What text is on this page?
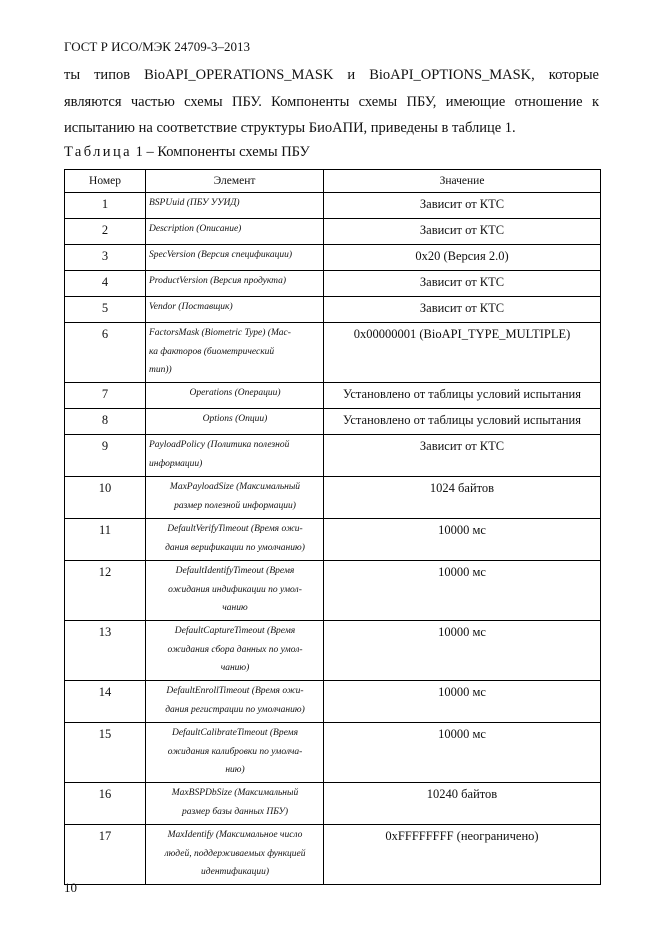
ГОСТ Р ИСО/МЭК 24709-3–2013
ты типов BioAPI_OPERATIONS_MASK и BioAPI_OPTIONS_MASK, которые
являются частью схемы ПБУ. Компоненты схемы ПБУ, имеющие отношение к
испытанию на соответствие структуры БиоАПИ, приведены в таблице 1.
Таблица 1 – Компоненты схемы ПБУ
Номер	Элемент	Значение
1	BSPUuid (ПБУ УУИД)	Зависит от КТС
2	Description (Описание)	Зависит от КТС
3	SpecVersion (Версия спецификации)	0x20 (Версия 2.0)
4	ProductVersion (Версия продукта)	Зависит от КТС
5	Vendor (Поставщик)	Зависит от КТС
6	FactorsMask (Biometric Type) (Мас-
ка факторов (биометрический
тип))	0x00000001 (BioAPI_TYPE_MULTIPLE)
7	Operations (Операции)	Установлено от таблицы условий испытания
8	Options (Опции)	Установлено от таблицы условий испытания
9	PayloadPolicy (Политика полезной
информации)	Зависит от КТС
10	MaxPayloadSize (Максимальный
размер полезной информации)	1024 байтов
11	DefaultVerifyTimeout (Время ожи-
дания верификации по умолчанию)	10000 мс
12	DefaultIdentifyTimeout (Время
ожидания индификации по умол-
чанию	10000 мс
13	DefaultCaptureTimeout (Время
ожидания сбора данных по умол-
чанию)	10000 мс
14	DefaultEnrollTimeout (Время ожи-
дания регистрации по умолчанию)	10000 мс
15	DefaultCalibrateTimeout (Время
ожидания калибровки по умолча-
нию)	10000 мс
16	MaxBSPDbSize (Максимальный
размер базы данных ПБУ)	10240 байтов
17	MaxIdentify (Максимальное число
людей, поддерживаемых функцией
идентификации)	0xFFFFFFFF (неограничено)
10
